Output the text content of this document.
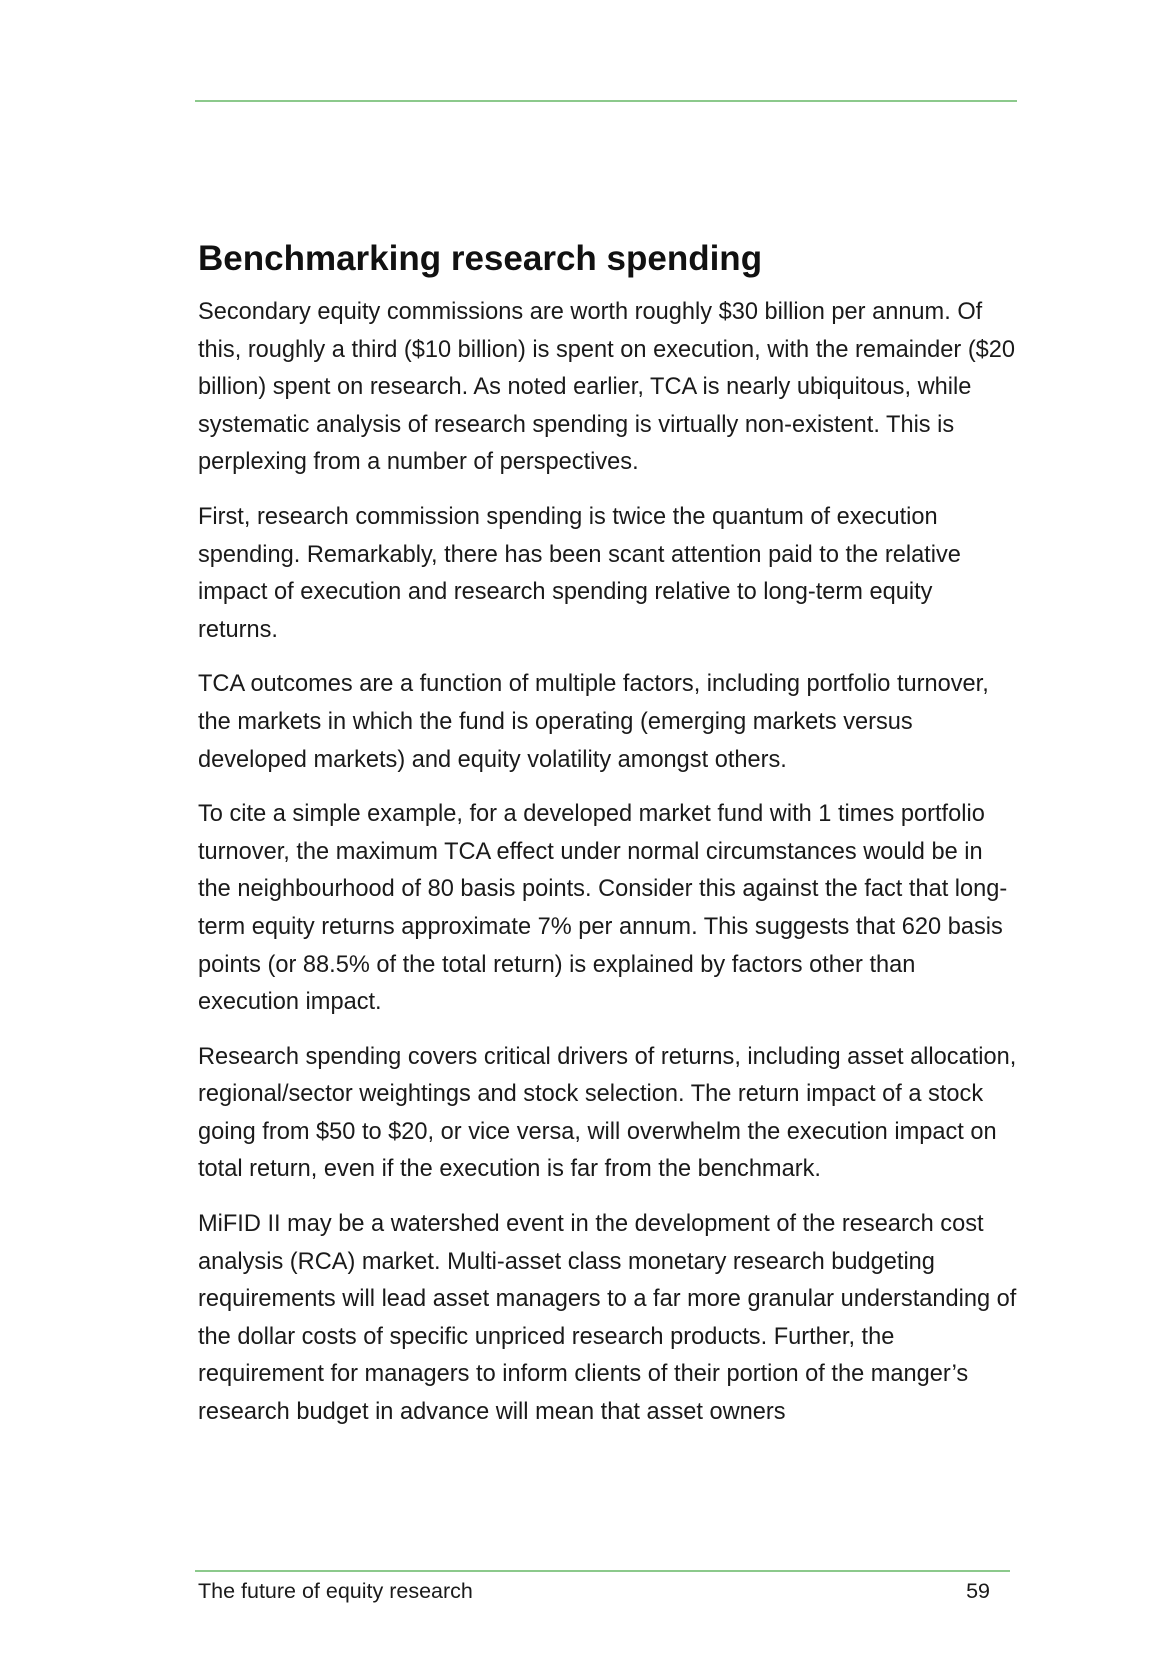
Benchmarking research spending

Secondary equity commissions are worth roughly $30 billion per annum. Of this, roughly a third ($10 billion) is spent on execution, with the remainder ($20 billion) spent on research. As noted earlier, TCA is nearly ubiquitous, while systematic analysis of research spending is virtually non-existent. This is perplexing from a number of perspectives.

First, research commission spending is twice the quantum of execution spending. Remarkably, there has been scant attention paid to the relative impact of execution and research spending relative to long-term equity returns.

TCA outcomes are a function of multiple factors, including portfolio turnover, the markets in which the fund is operating (emerging markets versus developed markets) and equity volatility amongst others.

To cite a simple example, for a developed market fund with 1 times portfolio turnover, the maximum TCA effect under normal circumstances would be in the neighbourhood of 80 basis points. Consider this against the fact that long-term equity returns approximate 7% per annum. This suggests that 620 basis points (or 88.5% of the total return) is explained by factors other than execution impact.

Research spending covers critical drivers of returns, including asset allocation, regional/sector weightings and stock selection. The return impact of a stock going from $50 to $20, or vice versa, will overwhelm the execution impact on total return, even if the execution is far from the benchmark.

MiFID II may be a watershed event in the development of the research cost analysis (RCA) market. Multi-asset class monetary research budgeting requirements will lead asset managers to a far more granular understanding of the dollar costs of specific unpriced research products. Further, the requirement for managers to inform clients of their portion of the manger’s research budget in advance will mean that asset owners

The future of equity research	59
